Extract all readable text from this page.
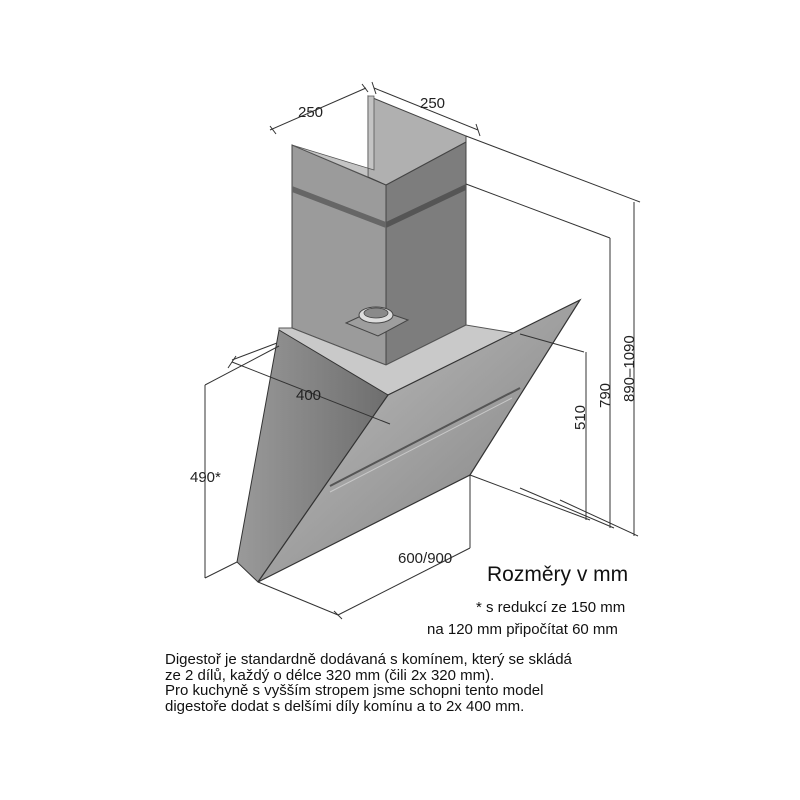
250
250
400
490*
600/900
510
790 890–1090
Rozměry v mm
* s redukcí ze 150 mm
na 120 mm připočítat 60 mm
Digestoř je standardně dodávaná s komínem, který se skládá
ze 2 dílů, každý o délce 320 mm (čili 2x 320 mm).
Pro kuchyně s vyšším stropem jsme schopni tento model
digestoře dodat s delšími díly komínu a to 2x 400 mm.
